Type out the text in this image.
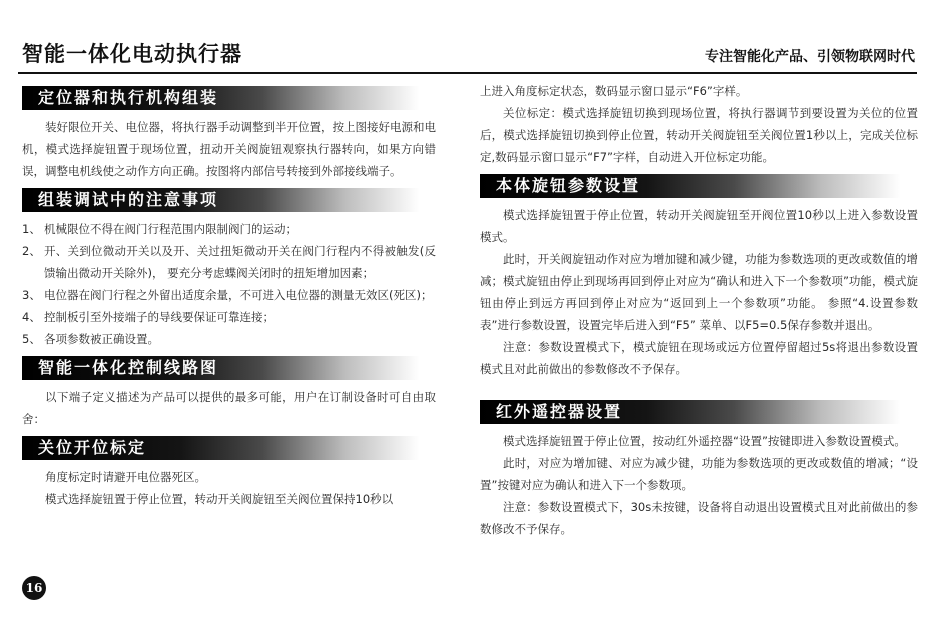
智能一体化电动执行器	专注智能化产品、引领物联网时代
定位器和执行机构组装

装好限位开关、电位器，将执行器手动调整到半开位置，按上图接好电源和电机，模式选择旋钮置于现场位置，扭动开关阀旋钮观察执行器转向，如果方向错误，调整电机线使之动作方向正确。按图将内部信号转接到外部接线端子。

组装调试中的注意事项
1、 机械限位不得在阀门行程范围内限制阀门的运动；
2、 开、关到位微动开关以及开、关过扭矩微动开关在阀门行程内不得被触发(反馈输出微动开关除外)， 要充分考虑蝶阀关闭时的扭矩增加因素；
3、 电位器在阀门行程之外留出适度余量，不可进入电位器的测量无效区(死区)；
4、 控制板引至外接端子的导线要保证可靠连接；
5、 各项参数被正确设置。
智能一体化控制线路图

以下端子定义描述为产品可以提供的最多可能，用户在订制设备时可自由取舍：

关位开位标定

角度标定时请避开电位器死区。

模式选择旋钮置于停止位置，转动开关阀旋钮至关阀位置保持10秒以

上进入角度标定状态，数码显示窗口显示“F6”字样。

关位标定：模式选择旋钮切换到现场位置，将执行器调节到要设置为关位的位置后，模式选择旋钮切换到停止位置，转动开关阀旋钮至关阀位置1秒以上，完成关位标定,数码显示窗口显示“F7”字样，自动进入开位标定功能。

本体旋钮参数设置

模式选择旋钮置于停止位置，转动开关阀旋钮至开阀位置10秒以上进入参数设置模式。

此时，开关阀旋钮动作对应为增加键和减少键，功能为参数选项的更改或数值的增减；模式旋钮由停止到现场再回到停止对应为“确认和进入下一个参数项”功能，模式旋钮由停止到远方再回到停止对应为“返回到上一个参数项”功能。 参照“4.设置参数表”进行参数设置，设置完毕后进入到“F5” 菜单、以F5=0.5保存参数并退出。

注意：参数设置模式下，模式旋钮在现场或远方位置停留超过5s将退出参数设置模式且对此前做出的参数修改不予保存。

红外遥控器设置

模式选择旋钮置于停止位置，按动红外遥控器“设置”按键即进入参数设置模式。

此时，对应为增加键、对应为减少键，功能为参数选项的更改或数值的增减；“设置”按键对应为确认和进入下一个参数项。

注意：参数设置模式下，30s未按键，设备将自动退出设置模式且对此前做出的参数修改不予保存。

16
